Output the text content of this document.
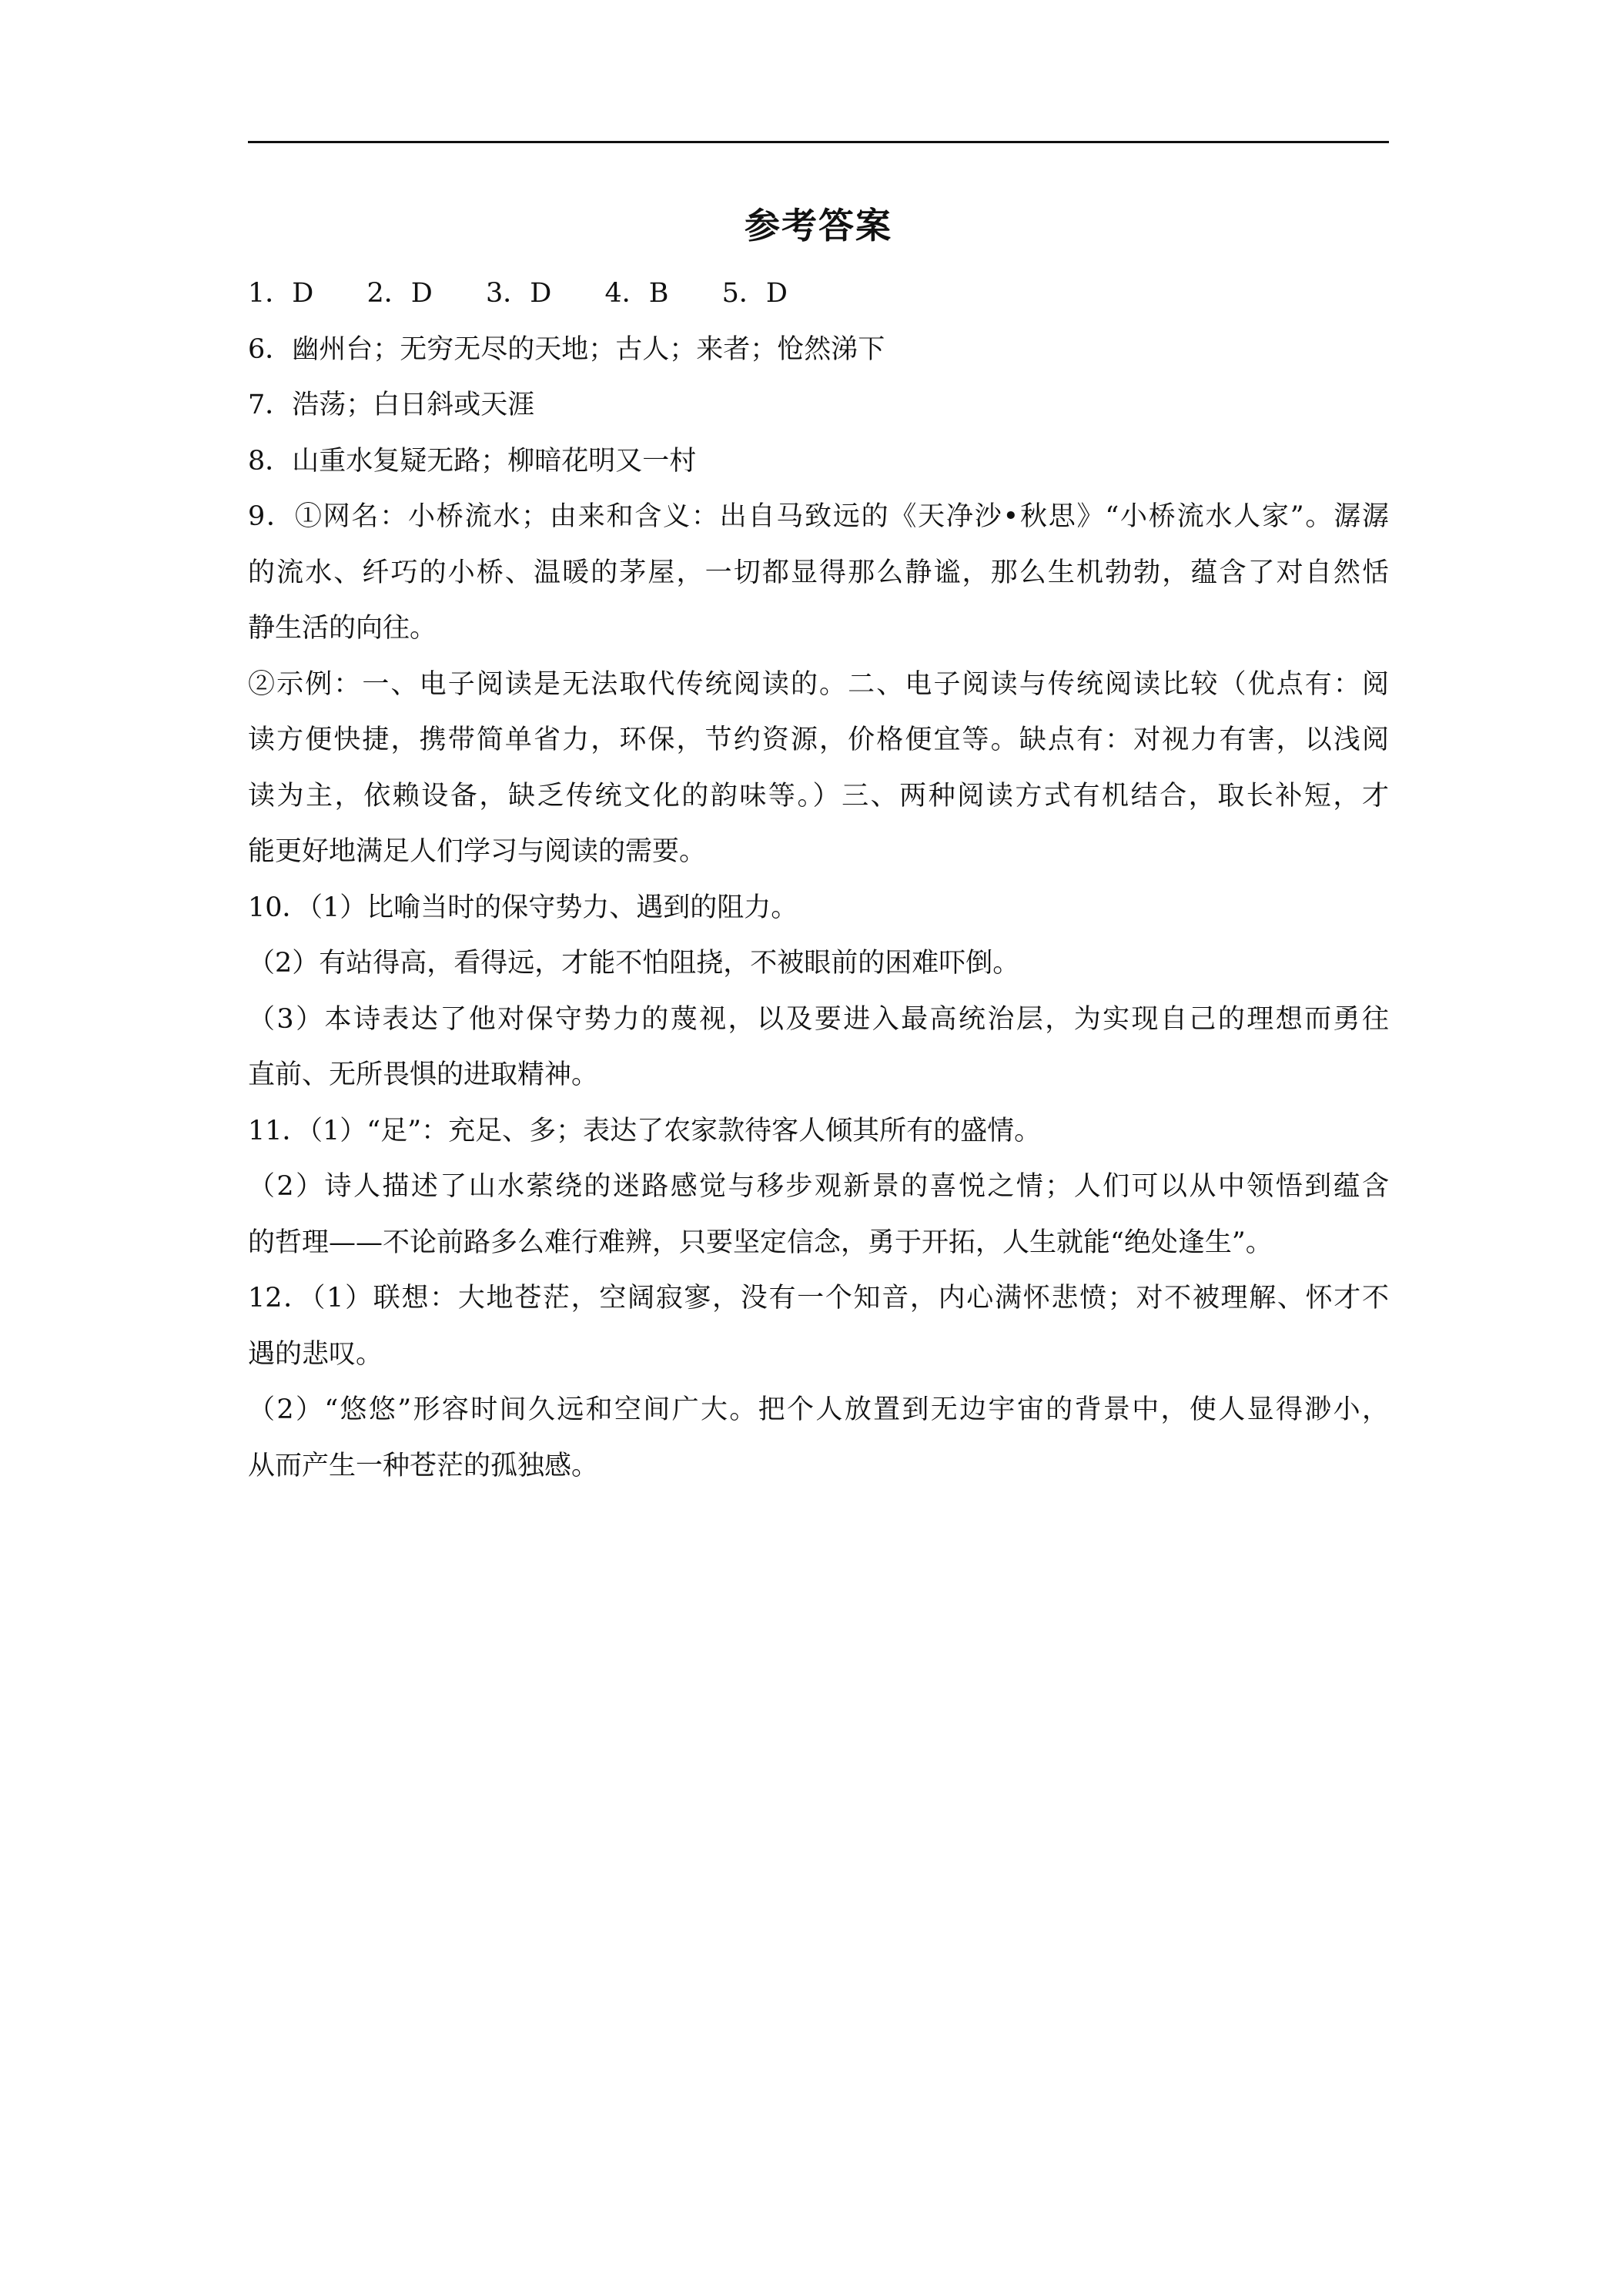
参考答案
1．D 2．D 3．D 4．B 5．D
6．幽州台；无穷无尽的天地；古人；来者；怆然涕下
7．浩荡；白日斜或天涯
8．山重水复疑无路；柳暗花明又一村
9．①网名：小桥流水；由来和含义：出自马致远的《天净沙•秋思》“小桥流水人家”。潺潺
的流水、纤巧的小桥、温暖的茅屋，一切都显得那么静谧，那么生机勃勃，蕴含了对自然恬
静生活的向往。
②示例：一、电子阅读是无法取代传统阅读的。二、电子阅读与传统阅读比较（优点有：阅
读方便快捷，携带简单省力，环保，节约资源，价格便宜等。缺点有：对视力有害，以浅阅
读为主，依赖设备，缺乏传统文化的韵味等。）三、两种阅读方式有机结合，取长补短，才
能更好地满足人们学习与阅读的需要。
10．（1）比喻当时的保守势力、遇到的阻力。
（2）有站得高，看得远，才能不怕阻挠，不被眼前的困难吓倒。
（3）本诗表达了他对保守势力的蔑视，以及要进入最高统治层，为实现自己的理想而勇往
直前、无所畏惧的进取精神。
11．（1）“足”：充足、多；表达了农家款待客人倾其所有的盛情。
（2）诗人描述了山水萦绕的迷路感觉与移步观新景的喜悦之情；人们可以从中领悟到蕴含
的哲理——不论前路多么难行难辨，只要坚定信念，勇于开拓，人生就能“绝处逢生”。
12．（1）联想：大地苍茫，空阔寂寥，没有一个知音，内心满怀悲愤；对不被理解、怀才不
遇的悲叹。
（2）“悠悠”形容时间久远和空间广大。把个人放置到无边宇宙的背景中，使人显得渺小，
从而产生一种苍茫的孤独感。
